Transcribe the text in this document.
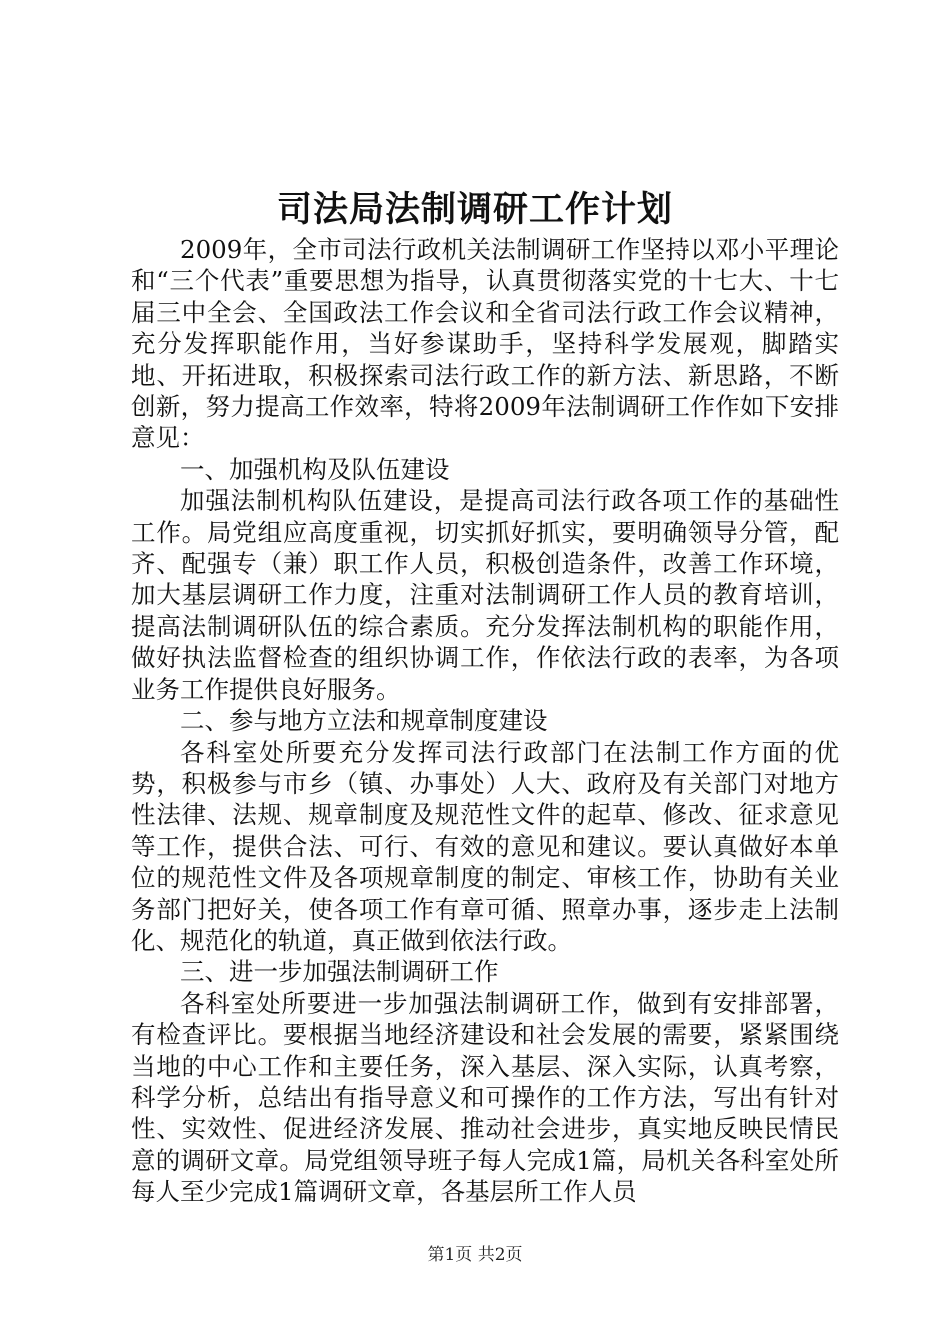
司法局法制调研工作计划

2009年，全市司法行政机关法制调研工作坚持以邓小平理论和“三个代表”重要思想为指导，认真贯彻落实党的十七大、十七届三中全会、全国政法工作会议和全省司法行政工作会议精神，充分发挥职能作用，当好参谋助手，坚持科学发展观，脚踏实地、开拓进取，积极探索司法行政工作的新方法、新思路，不断创新，努力提高工作效率，特将2009年法制调研工作作如下安排意见：

一、加强机构及队伍建设

加强法制机构队伍建设，是提高司法行政各项工作的基础性工作。局党组应高度重视，切实抓好抓实，要明确领导分管，配齐、配强专（兼）职工作人员，积极创造条件，改善工作环境，加大基层调研工作力度，注重对法制调研工作人员的教育培训，提高法制调研队伍的综合素质。充分发挥法制机构的职能作用，做好执法监督检查的组织协调工作，作依法行政的表率，为各项业务工作提供良好服务。

二、参与地方立法和规章制度建设

各科室处所要充分发挥司法行政部门在法制工作方面的优势，积极参与市乡（镇、办事处）人大、政府及有关部门对地方性法律、法规、规章制度及规范性文件的起草、修改、征求意见等工作，提供合法、可行、有效的意见和建议。要认真做好本单位的规范性文件及各项规章制度的制定、审核工作，协助有关业务部门把好关，使各项工作有章可循、照章办事，逐步走上法制化、规范化的轨道，真正做到依法行政。

三、进一步加强法制调研工作

各科室处所要进一步加强法制调研工作，做到有安排部署，有检查评比。要根据当地经济建设和社会发展的需要，紧紧围绕当地的中心工作和主要任务，深入基层、深入实际，认真考察，科学分析，总结出有指导意义和可操作的工作方法，写出有针对性、实效性、促进经济发展、推动社会进步，真实地反映民情民意的调研文章。局党组领导班子每人完成1篇，局机关各科室处所每人至少完成1篇调研文章，各基层所工作人员

第1页 共2页
